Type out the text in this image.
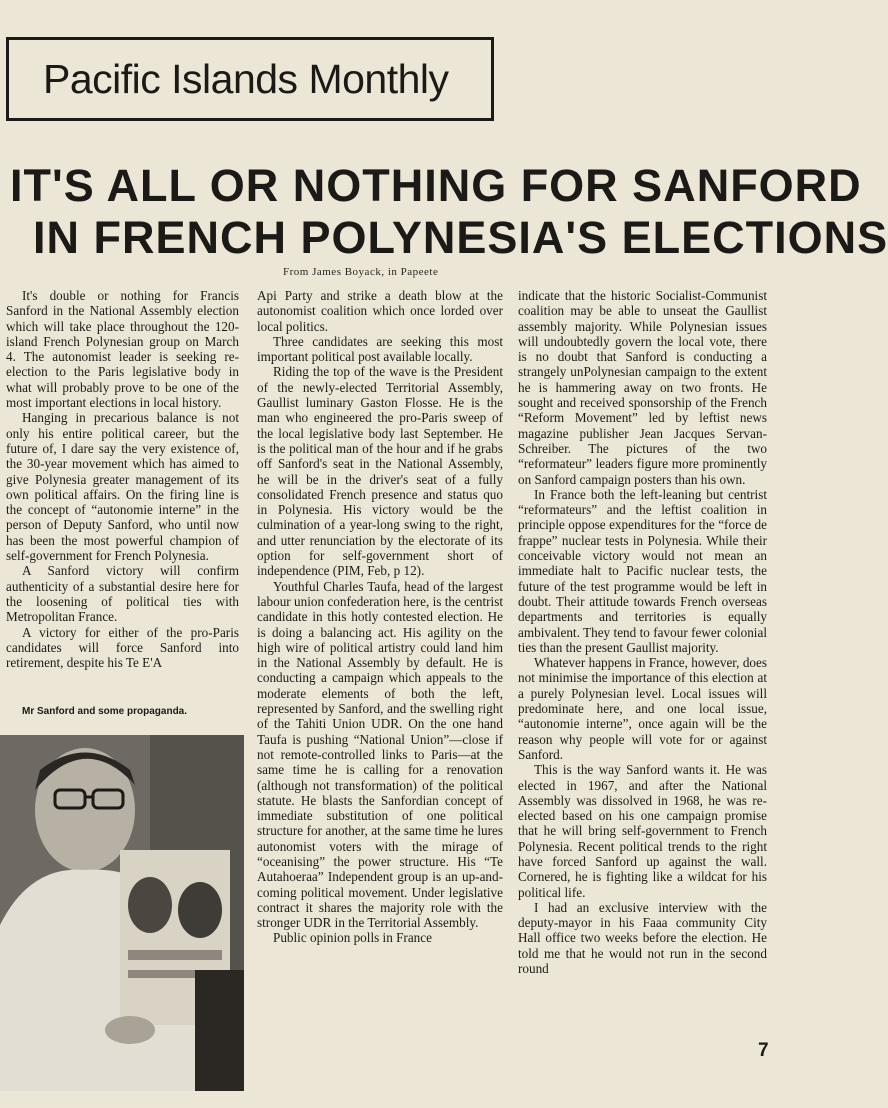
Pacific Islands Monthly
IT'S ALL OR NOTHING FOR SANFORD
IN FRENCH POLYNESIA'S ELECTIONS
From James Boyack, in Papeete

It's double or nothing for Francis Sanford in the National Assembly election which will take place throughout the 120-island French Polynesian group on March 4. The autonomist leader is seeking re-election to the Paris legislative body in what will probably prove to be one of the most important elections in local history.

Hanging in precarious balance is not only his entire political career, but the future of, I dare say the very existence of, the 30-year movement which has aimed to give Polynesia greater management of its own political affairs. On the firing line is the concept of “autonomie interne” in the person of Deputy Sanford, who until now has been the most powerful champion of self-government for French Polynesia.

A Sanford victory will confirm authenticity of a substantial desire here for the loosening of political ties with Metropolitan France.

A victory for either of the pro-Paris candidates will force Sanford into retirement, despite his Te E'A

Mr Sanford and some propaganda.

Api Party and strike a death blow at the autonomist coalition which once lorded over local politics.

Three candidates are seeking this most important political post available locally.

Riding the top of the wave is the President of the newly-elected Territorial Assembly, Gaullist luminary Gaston Flosse. He is the man who engineered the pro-Paris sweep of the local legislative body last September. He is the political man of the hour and if he grabs off Sanford's seat in the National Assembly, he will be in the driver's seat of a fully consolidated French presence and status quo in Polynesia. His victory would be the culmination of a year-long swing to the right, and utter renunciation by the electorate of its option for self-government short of independence (PIM, Feb, p 12).

Youthful Charles Taufa, head of the largest labour union confederation here, is the centrist candidate in this hotly contested election. He is doing a balancing act. His agility on the high wire of political artistry could land him in the National Assembly by default. He is conducting a campaign which appeals to the moderate elements of both the left, represented by Sanford, and the swelling right of the Tahiti Union UDR. On the one hand Taufa is pushing “National Union”—close if not remote-controlled links to Paris—at the same time he is calling for a renovation (although not transformation) of the political statute. He blasts the Sanfordian concept of immediate substitution of one political structure for another, at the same time he lures autonomist voters with the mirage of “oceanising” the power structure. His “Te Autahoeraa” Independent group is an up-and-coming political movement. Under legislative contract it shares the majority role with the stronger UDR in the Territorial Assembly.

Public opinion polls in France

indicate that the historic Socialist-Communist coalition may be able to unseat the Gaullist assembly majority. While Polynesian issues will undoubtedly govern the local vote, there is no doubt that Sanford is conducting a strangely unPolynesian campaign to the extent he is hammering away on two fronts. He sought and received sponsorship of the French “Reform Movement” led by leftist news magazine publisher Jean Jacques Servan-Schreiber. The pictures of the two “reformateur” leaders figure more prominently on Sanford campaign posters than his own.

In France both the left-leaning but centrist “reformateurs” and the leftist coalition in principle oppose expenditures for the “force de frappe” nuclear tests in Polynesia. While their conceivable victory would not mean an immediate halt to Pacific nuclear tests, the future of the test programme would be left in doubt. Their attitude towards French overseas departments and territories is equally ambivalent. They tend to favour fewer colonial ties than the present Gaullist majority.

Whatever happens in France, however, does not minimise the importance of this election at a purely Polynesian level. Local issues will predominate here, and one local issue, “autonomie interne”, once again will be the reason why people will vote for or against Sanford.

This is the way Sanford wants it. He was elected in 1967, and after the National Assembly was dissolved in 1968, he was re-elected based on his one campaign promise that he will bring self-government to French Polynesia. Recent political trends to the right have forced Sanford up against the wall. Cornered, he is fighting like a wildcat for his political life.

I had an exclusive interview with the deputy-mayor in his Faaa community City Hall office two weeks before the election. He told me that he would not run in the second round

7
